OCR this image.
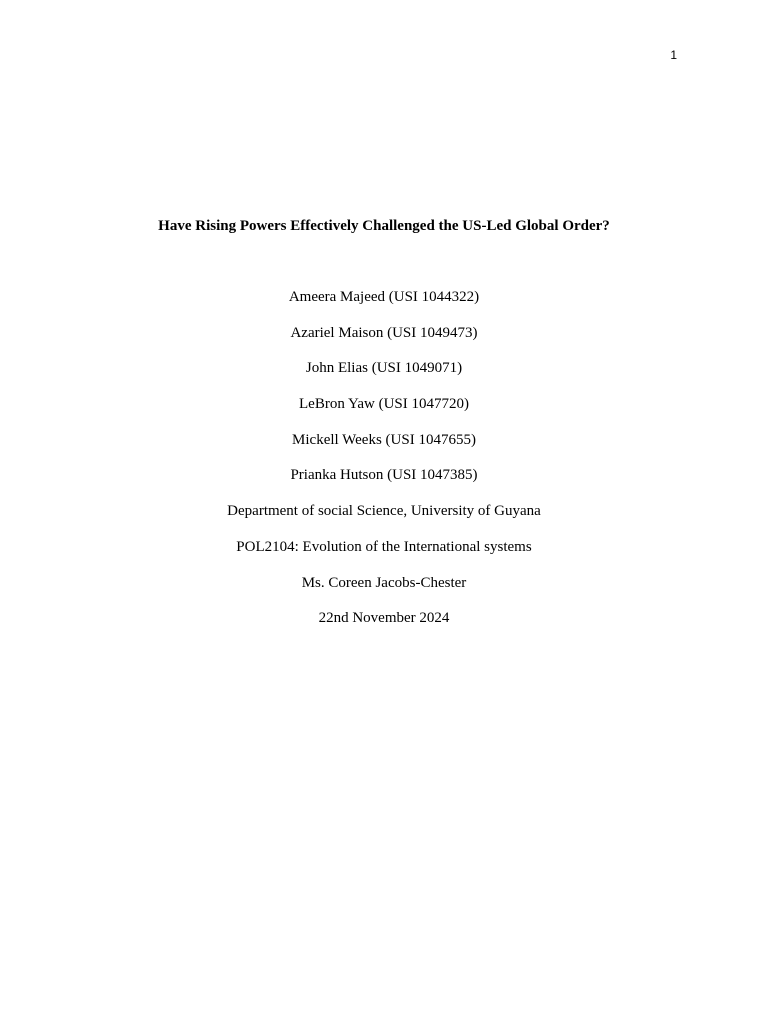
1
Have Rising Powers Effectively Challenged the US-Led Global Order?
Ameera Majeed (USI 1044322)
Azariel Maison (USI 1049473)
John Elias (USI 1049071)
LeBron Yaw (USI 1047720)
Mickell Weeks (USI 1047655)
Prianka Hutson (USI 1047385)
Department of social Science, University of Guyana
POL2104: Evolution of the International systems
Ms. Coreen Jacobs-Chester
22nd November 2024
